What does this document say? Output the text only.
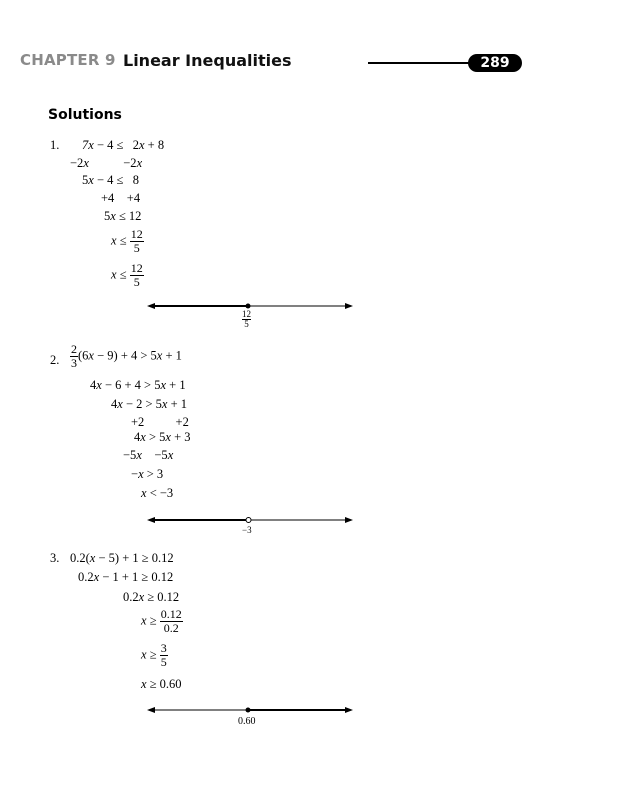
CHAPTER 9 Linear Inequalities	289
Solutions
1. 7x − 4 ≤   2x + 8
−2x           −2x
5x − 4 ≤   8
+4    +4
5x ≤ 12
$x \le \frac{12}{5}$
$x \le \frac{12}{5}$
$\frac{12}{5}$
2. $\frac{2}{3} (6x - 9) + 4 > 5x + 1$
4x − 6 + 4 > 5x + 1
4x − 2 > 5x + 1
+2          +2
4x > 5x + 3
−5x    −5x
−x > 3
x < −3
−3
3. 0.2(x − 5) + 1 ≥ 0.12
0.2x − 1 + 1 ≥ 0.12
0.2x ≥ 0.12
$x \ge \frac{0.12}{0.2}$
$x \ge \frac{3}{5}$
x ≥ 0.60
0.60
